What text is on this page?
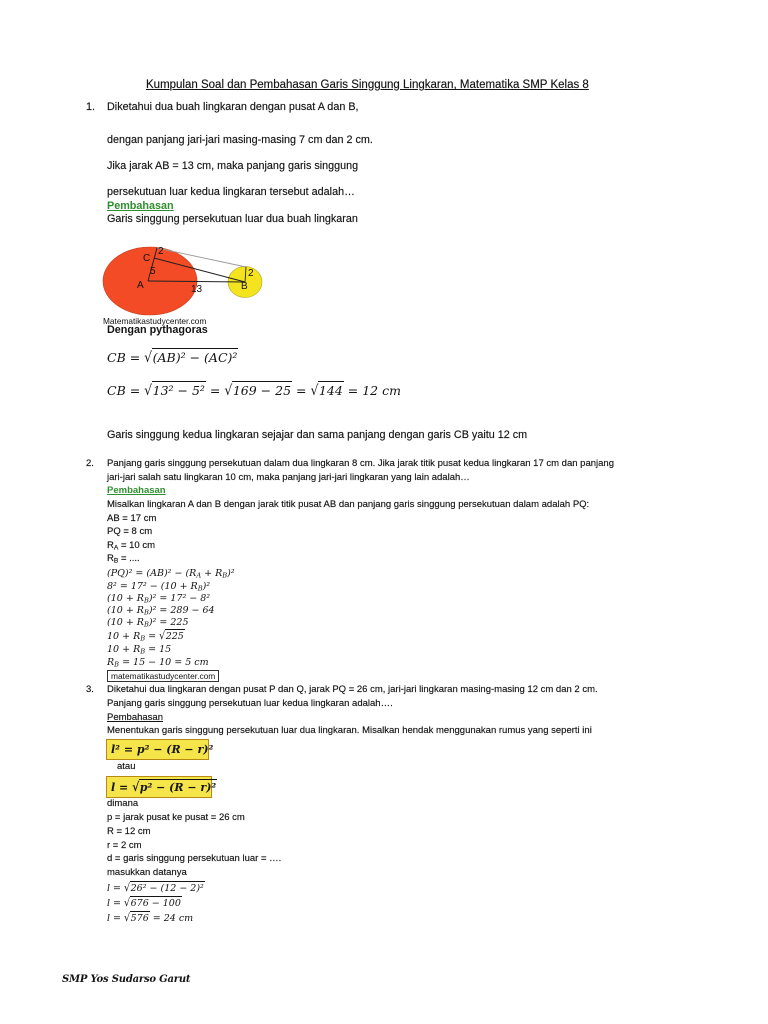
Kumpulan Soal dan Pembahasan Garis Singgung Lingkaran, Matematika SMP Kelas 8
1. Diketahui dua buah lingkaran dengan pusat A dan B,
dengan panjang jari-jari masing-masing 7 cm dan 2 cm.
Jika jarak AB = 13 cm, maka panjang garis singgung
persekutuan luar kedua lingkaran tersebut adalah…
Pembahasan
Garis singgung persekutuan luar dua buah lingkaran
2
C
5
A	13
2
B
Matematikastudycenter.com
Dengan pythagoras
CB = √ (AB)² − (AC)²
CB = √ 13² − 5² = √ 169 − 25 = √ 144 = 12 cm
Garis singgung kedua lingkaran sejajar dan sama panjang dengan garis CB yaitu 12 cm
2. Panjang garis singgung persekutuan dalam dua lingkaran 8 cm. Jika jarak titik pusat kedua lingkaran 17 cm dan panjang
jari-jari salah satu lingkaran 10 cm, maka panjang jari-jari lingkaran yang lain adalah…
Pembahasan
Misalkan lingkaran A dan B dengan jarak titik pusat AB dan panjang garis singgung persekutuan dalam adalah PQ:
AB = 17 cm
PQ = 8 cm
$R_A = 10$ cm
$R_B$ = ....
$(PQ)^2 = (AB)^2 - (R_A + R_B)^2$
$8^2 = 17^2 - (10 + R_B)^2$
$(10 + R_B)^2 = 17^2 - 8^2$
$(10 + R_B)^2 = 289 - 64$
$(10 + R_B)^2 = 225$
$10 + R_B$ = √ 225
$10 + R_B = 15$
$R_B = 15 - 10 = 5$ cm
matematikastudycenter.com
3. Diketahui dua lingkaran dengan pusat P dan Q, jarak PQ = 26 cm, jari-jari lingkaran masing-masing 12 cm dan 2 cm.
Panjang garis singgung persekutuan luar kedua lingkaran adalah….
Pembahasan
Menentukan garis singgung persekutuan luar dua lingkaran. Misalkan hendak menggunakan rumus yang seperti ini
l² = p² − (R − r)²
atau
l = √ p² − (R − r)²
dimana
p = jarak pusat ke pusat = 26 cm
R = 12 cm
r = 2 cm
d = garis singgung persekutuan luar = ….
masukkan datanya
l = √ 26² − (12 − 2)²
l = √ 676 − 100
l = √ 576 = 24 cm
SMP Yos Sudarso Garut
